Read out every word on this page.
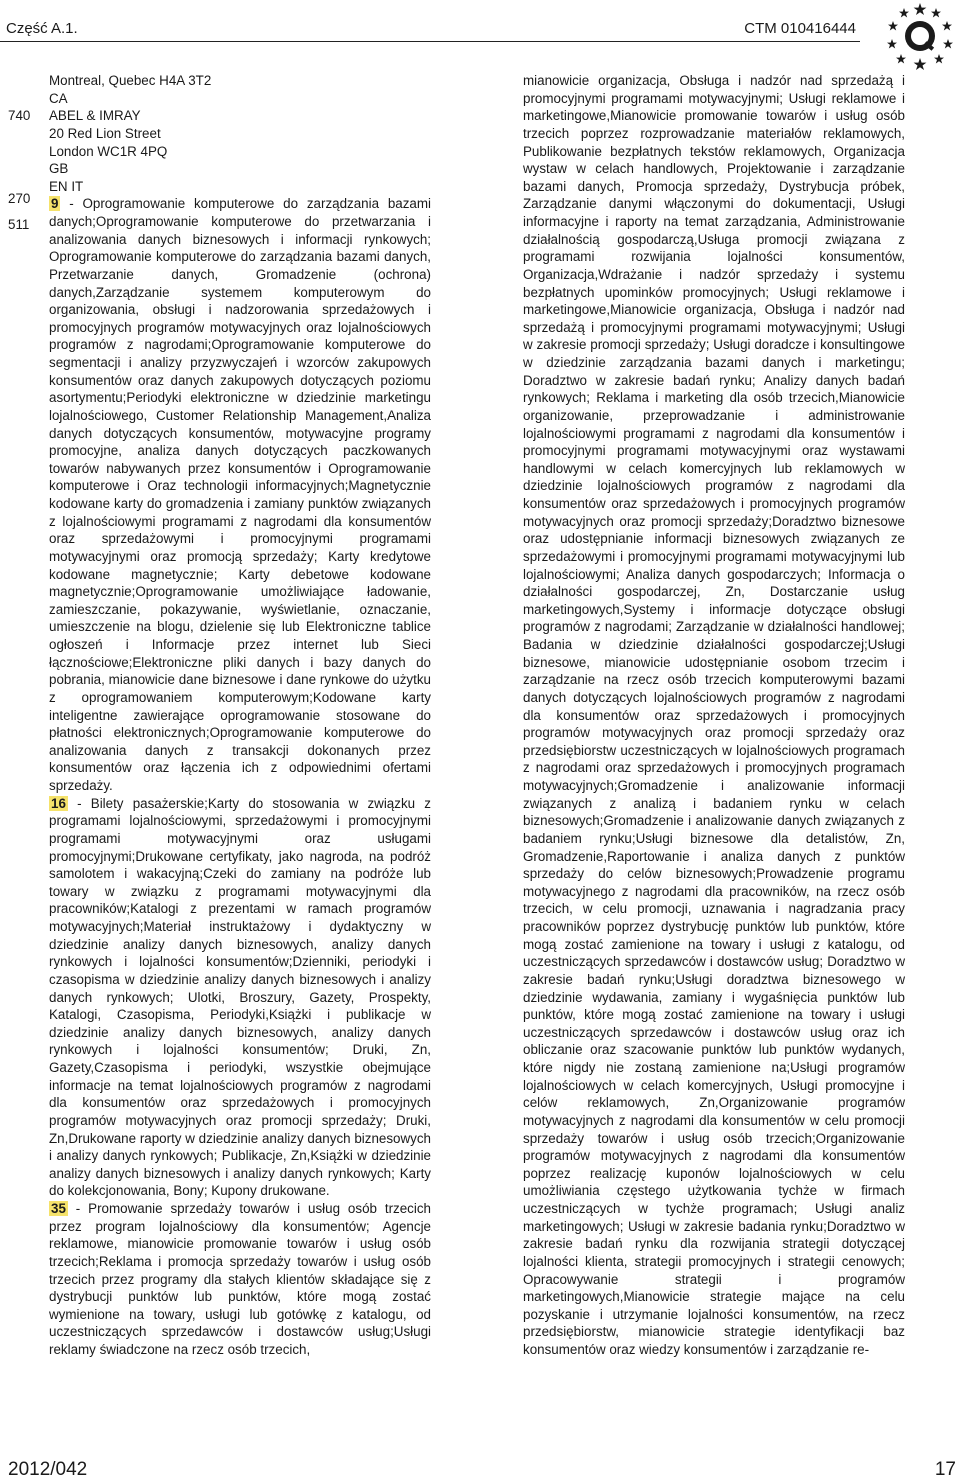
Część A.1.	CTM 010416444
740
270
511

Montreal, Quebec H4A 3T2

CA

ABEL & IMRAY

20 Red Lion Street

London WC1R 4PQ

GB

EN IT

9 - Oprogramowanie komputerowe do zarządzania bazami danych;Oprogramowanie komputerowe do przetwarzania i analizowania danych biznesowych i informacji rynkowych; Oprogramowanie komputerowe do zarządzania bazami danych, Przetwarzanie danych, Gromadzenie (ochrona) danych,Zarządzanie systemem komputerowym do organizowania, obsługi i nadzorowania sprzedażowych i promocyjnych programów motywacyjnych oraz lojalnościowych programów z nagrodami;Oprogramowanie komputerowe do segmentacji i analizy przyzwyczajeń i wzorców zakupowych konsumentów oraz danych zakupowych dotyczących poziomu asortymentu;Periodyki elektroniczne w dziedzinie marketingu lojalnościowego, Customer Relationship Management,Analiza danych dotyczących konsumentów, motywacyjne programy promocyjne, analiza danych dotyczących paczkowanych towarów nabywanych przez konsumentów i Oprogramowanie komputerowe i Oraz technologii informacyjnych;Magnetycznie kodowane karty do gromadzenia i zamiany punktów związanych z lojalnościowymi programami z nagrodami dla konsumentów oraz sprzedażowymi i promocyjnymi programami motywacyjnymi oraz promocją sprzedaży; Karty kredytowe kodowane magnetycznie; Karty debetowe kodowane magnetycznie;Oprogramowanie umożliwiające ładowanie, zamieszczanie, pokazywanie, wyświetlanie, oznaczanie, umieszczenie na blogu, dzielenie się lub Elektroniczne tablice ogłoszeń i Informacje przez internet lub Sieci łącznościowe;Elektroniczne pliki danych i bazy danych do pobrania, mianowicie dane biznesowe i dane rynkowe do użytku z oprogramowaniem komputerowym;Kodowane karty inteligentne zawierające oprogramowanie stosowane do płatności elektronicznych;Oprogramowanie komputerowe do analizowania danych z transakcji dokonanych przez konsumentów oraz łączenia ich z odpowiednimi ofertami sprzedaży.

16 - Bilety pasażerskie;Karty do stosowania w związku z programami lojalnościowymi, sprzedażowymi i promocyjnymi programami motywacyjnymi oraz usługami promocyjnymi;Drukowane certyfikaty, jako nagroda, na podróż samolotem i wakacyjną;Czeki do zamiany na podróże lub towary w związku z programami motywacyjnymi dla pracowników;Katalogi z prezentami w ramach programów motywacyjnych;Materiał instruktażowy i dydaktyczny w dziedzinie analizy danych biznesowych, analizy danych rynkowych i lojalności konsumentów;Dzienniki, periodyki i czasopisma w dziedzinie analizy danych biznesowych i analizy danych rynkowych; Ulotki, Broszury, Gazety, Prospekty, Katalogi, Czasopisma, Periodyki,Książki i publikacje w dziedzinie analizy danych biznesowych, analizy danych rynkowych i lojalności konsumentów; Druki, Zn, Gazety,Czasopisma i periodyki, wszystkie obejmujące informacje na temat lojalnościowych programów z nagrodami dla konsumentów oraz sprzedażowych i promocyjnych programów motywacyjnych oraz promocji sprzedaży; Druki, Zn,Drukowane raporty w dziedzinie analizy danych biznesowych i analizy danych rynkowych; Publikacje, Zn,Książki w dziedzinie analizy danych biznesowych i analizy danych rynkowych; Karty do kolekcjonowania, Bony; Kupony drukowane.

35 - Promowanie sprzedaży towarów i usług osób trzecich przez program lojalnościowy dla konsumentów; Agencje reklamowe, mianowicie promowanie towarów i usług osób trzecich;Reklama i promocja sprzedaży towarów i usług osób trzecich przez programy dla stałych klientów składające się z dystrybucji punktów lub punktów, które mogą zostać wymienione na towary, usługi lub gotówkę z katalogu, od uczestniczących sprzedawców i dostawców usług;Usługi reklamy świadczone na rzecz osób trzecich,

mianowicie organizacja, Obsługa i nadzór nad sprzedażą i promocyjnymi programami motywacyjnymi; Usługi reklamowe i marketingowe,Mianowicie promowanie towarów i usług osób trzecich poprzez rozprowadzanie materiałów reklamowych, Publikowanie bezpłatnych tekstów reklamowych, Organizacja wystaw w celach handlowych, Projektowanie i zarządzanie bazami danych, Promocja sprzedaży, Dystrybucja próbek, Zarządzanie danymi włączonymi do dokumentacji, Usługi informacyjne i raporty na temat zarządzania, Administrowanie działalnością gospodarczą,Usługa promocji związana z programami rozwijania lojalności konsumentów, Organizacja,Wdrażanie i nadzór sprzedaży i systemu bezpłatnych upominków promocyjnych; Usługi reklamowe i marketingowe,Mianowicie organizacja, Obsługa i nadzór nad sprzedażą i promocyjnymi programami motywacyjnymi; Usługi w zakresie promocji sprzedaży; Usługi doradcze i konsultingowe w dziedzinie zarządzania bazami danych i marketingu; Doradztwo w zakresie badań rynku; Analizy danych badań rynkowych; Reklama i marketing dla osób trzecich,Mianowicie organizowanie, przeprowadzanie i administrowanie lojalnościowymi programami z nagrodami dla konsumentów i promocyjnymi programami motywacyjnymi oraz wystawami handlowymi w celach komercyjnych lub reklamowych w dziedzinie lojalnościowych programów z nagrodami dla konsumentów oraz sprzedażowych i promocyjnych programów motywacyjnych oraz promocji sprzedaży;Doradztwo biznesowe oraz udostępnianie informacji biznesowych związanych ze sprzedażowymi i promocyjnymi programami motywacyjnymi lub lojalnościowymi; Analiza danych gospodarczych; Informacja o działalności gospodarczej, Zn, Dostarczanie usług marketingowych,Systemy i informacje dotyczące obsługi programów z nagrodami; Zarządzanie w działalności handlowej; Badania w dziedzinie działalności gospodarczej;Usługi biznesowe, mianowicie udostępnianie osobom trzecim i zarządzanie na rzecz osób trzecich komputerowymi bazami danych dotyczących lojalnościowych programów z nagrodami dla konsumentów oraz sprzedażowych i promocyjnych programów motywacyjnych oraz promocji sprzedaży oraz przedsiębiorstw uczestniczących w lojalnościowych programach z nagrodami oraz sprzedażowych i promocyjnych programach motywacyjnych;Gromadzenie i analizowanie informacji związanych z analizą i badaniem rynku w celach biznesowych;Gromadzenie i analizowanie danych związanych z badaniem rynku;Usługi biznesowe dla detalistów, Zn, Gromadzenie,Raportowanie i analiza danych z punktów sprzedaży do celów biznesowych;Prowadzenie programu motywacyjnego z nagrodami dla pracowników, na rzecz osób trzecich, w celu promocji, uznawania i nagradzania pracy pracowników poprzez dystrybucję punktów lub punktów, które mogą zostać zamienione na towary i usługi z katalogu, od uczestniczących sprzedawców i dostawców usług; Doradztwo w zakresie badań rynku;Usługi doradztwa biznesowego w dziedzinie wydawania, zamiany i wygaśnięcia punktów lub punktów, które mogą zostać zamienione na towary i usługi uczestniczących sprzedawców i dostawców usług oraz ich obliczanie oraz szacowanie punktów lub punktów wydanych, które nigdy nie zostaną zamienione na;Usługi programów lojalnościowych w celach komercyjnych, Usługi promocyjne i celów reklamowych, Zn,Organizowanie programów motywacyjnych z nagrodami dla konsumentów w celu promocji sprzedaży towarów i usług osób trzecich;Organizowanie programów motywacyjnych z nagrodami dla konsumentów poprzez realizację kuponów lojalnościowych w celu umożliwiania częstego użytkowania tychże w firmach uczestniczących w tychże programach; Usługi analiz marketingowych; Usługi w zakresie badania rynku;Doradztwo w zakresie badań rynku dla rozwijania strategii dotyczącej lojalności klienta, strategii promocyjnych i strategii cenowych; Opracowywanie strategii i programów marketingowych,Mianowicie strategie mające na celu pozyskanie i utrzymanie lojalności konsumentów, na rzecz przedsiębiorstw, mianowicie strategie identyfikacji baz konsumentów oraz wiedzy konsumentów i zarządzanie re-

2012/042	17
